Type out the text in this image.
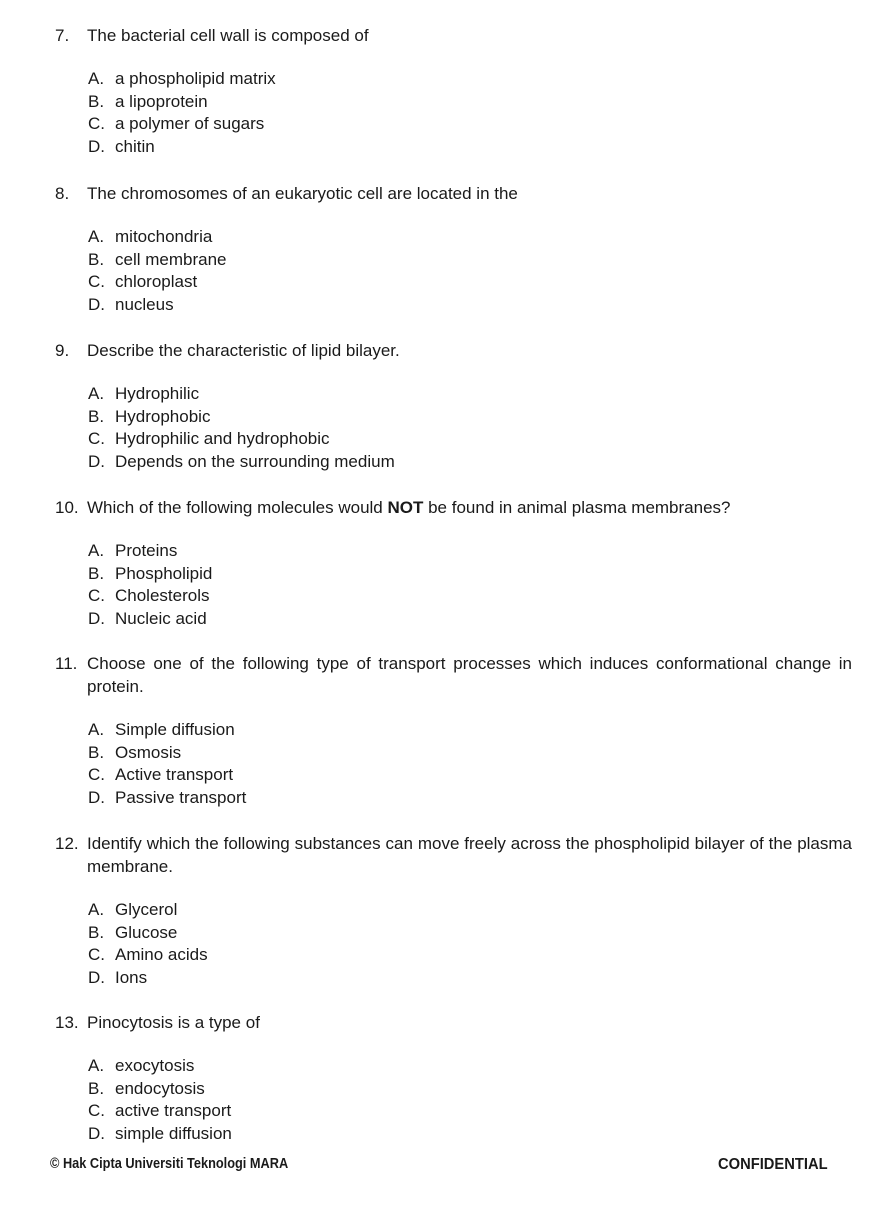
7. The bacterial cell wall is composed of
A. a phospholipid matrix
B. a lipoprotein
C. a polymer of sugars
D. chitin
8. The chromosomes of an eukaryotic cell are located in the
A. mitochondria
B. cell membrane
C. chloroplast
D. nucleus
9. Describe the characteristic of lipid bilayer.
A. Hydrophilic
B. Hydrophobic
C. Hydrophilic and hydrophobic
D. Depends on the surrounding medium
10. Which of the following molecules would NOT be found in animal plasma membranes?
A. Proteins
B. Phospholipid
C. Cholesterols
D. Nucleic acid
11. Choose one of the following type of transport processes which induces conformational change in protein.
A. Simple diffusion
B. Osmosis
C. Active transport
D. Passive transport
12. Identify which the following substances can move freely across the phospholipid bilayer of the plasma membrane.
A. Glycerol
B. Glucose
C. Amino acids
D. Ions
13. Pinocytosis is a type of
A. exocytosis
B. endocytosis
C. active transport
D. simple diffusion
© Hak Cipta Universiti Teknologi MARA	CONFIDENTIAL
